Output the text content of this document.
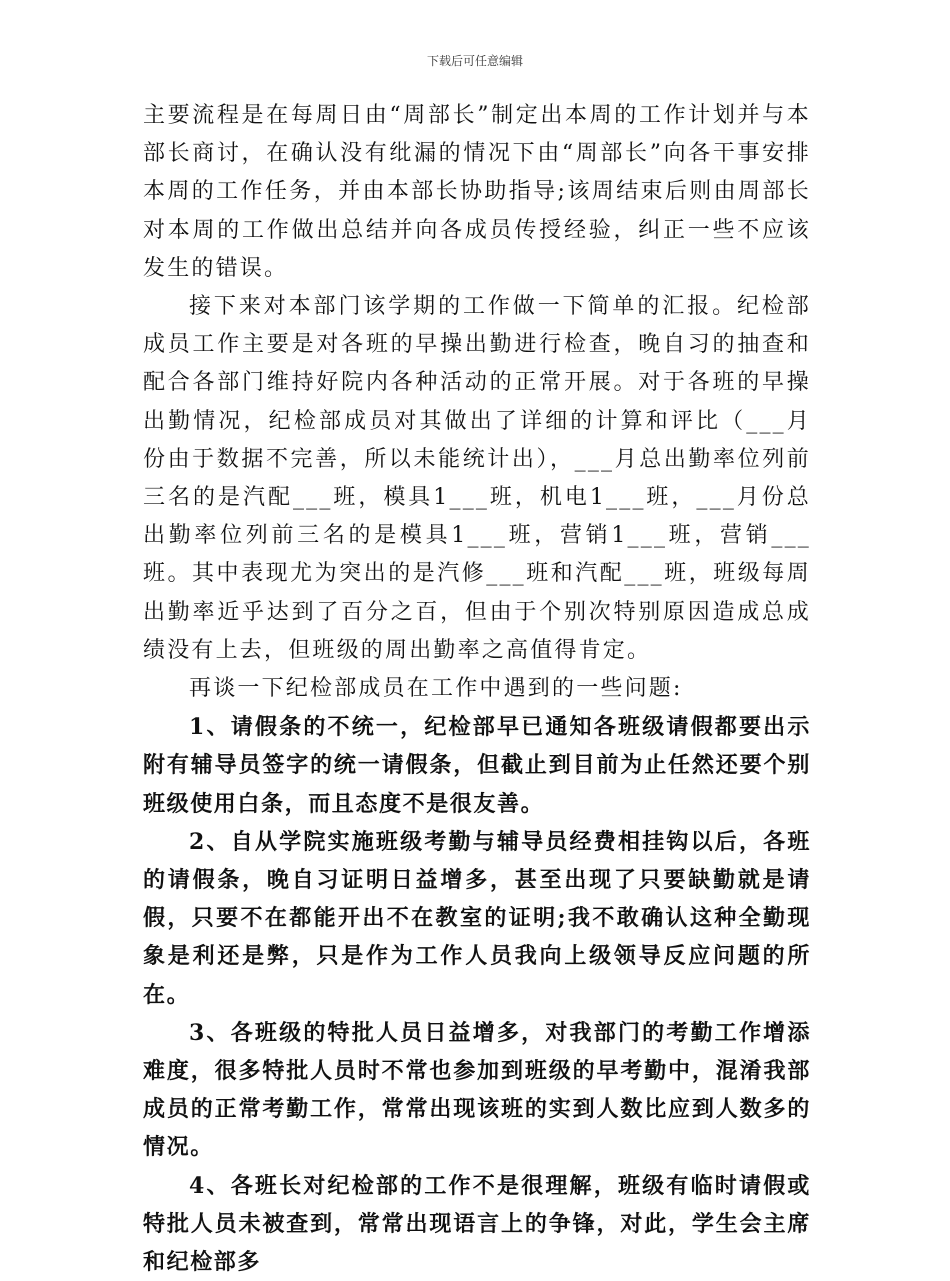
下载后可任意编辑

主要流程是在每周日由“周部长”制定出本周的工作计划并与本部长商讨，在确认没有纰漏的情况下由“周部长”向各干事安排本周的工作任务，并由本部长协助指导;该周结束后则由周部长对本周的工作做出总结并向各成员传授经验，纠正一些不应该发生的错误。

接下来对本部门该学期的工作做一下简单的汇报。纪检部成员工作主要是对各班的早操出勤进行检查，晚自习的抽查和配合各部门维持好院内各种活动的正常开展。对于各班的早操出勤情况，纪检部成员对其做出了详细的计算和评比（___月份由于数据不完善，所以未能统计出），___月总出勤率位列前三名的是汽配___班，模具1___班，机电1___班，___月份总出勤率位列前三名的是模具1___班，营销1___班，营销___班。其中表现尤为突出的是汽修___班和汽配___班，班级每周出勤率近乎达到了百分之百，但由于个别次特别原因造成总成绩没有上去，但班级的周出勤率之高值得肯定。

再谈一下纪检部成员在工作中遇到的一些问题:

1、请假条的不统一，纪检部早已通知各班级请假都要出示附有辅导员签字的统一请假条，但截止到目前为止任然还要个别班级使用白条，而且态度不是很友善。

2、自从学院实施班级考勤与辅导员经费相挂钩以后，各班的请假条，晚自习证明日益增多，甚至出现了只要缺勤就是请假，只要不在都能开出不在教室的证明;我不敢确认这种全勤现象是利还是弊，只是作为工作人员我向上级领导反应问题的所在。

3、各班级的特批人员日益增多，对我部门的考勤工作增添难度，很多特批人员时不常也参加到班级的早考勤中，混淆我部成员的正常考勤工作，常常出现该班的实到人数比应到人数多的情况。

4、各班长对纪检部的工作不是很理解，班级有临时请假或特批人员未被查到，常常出现语言上的争锋，对此，学生会主席和纪检部多
